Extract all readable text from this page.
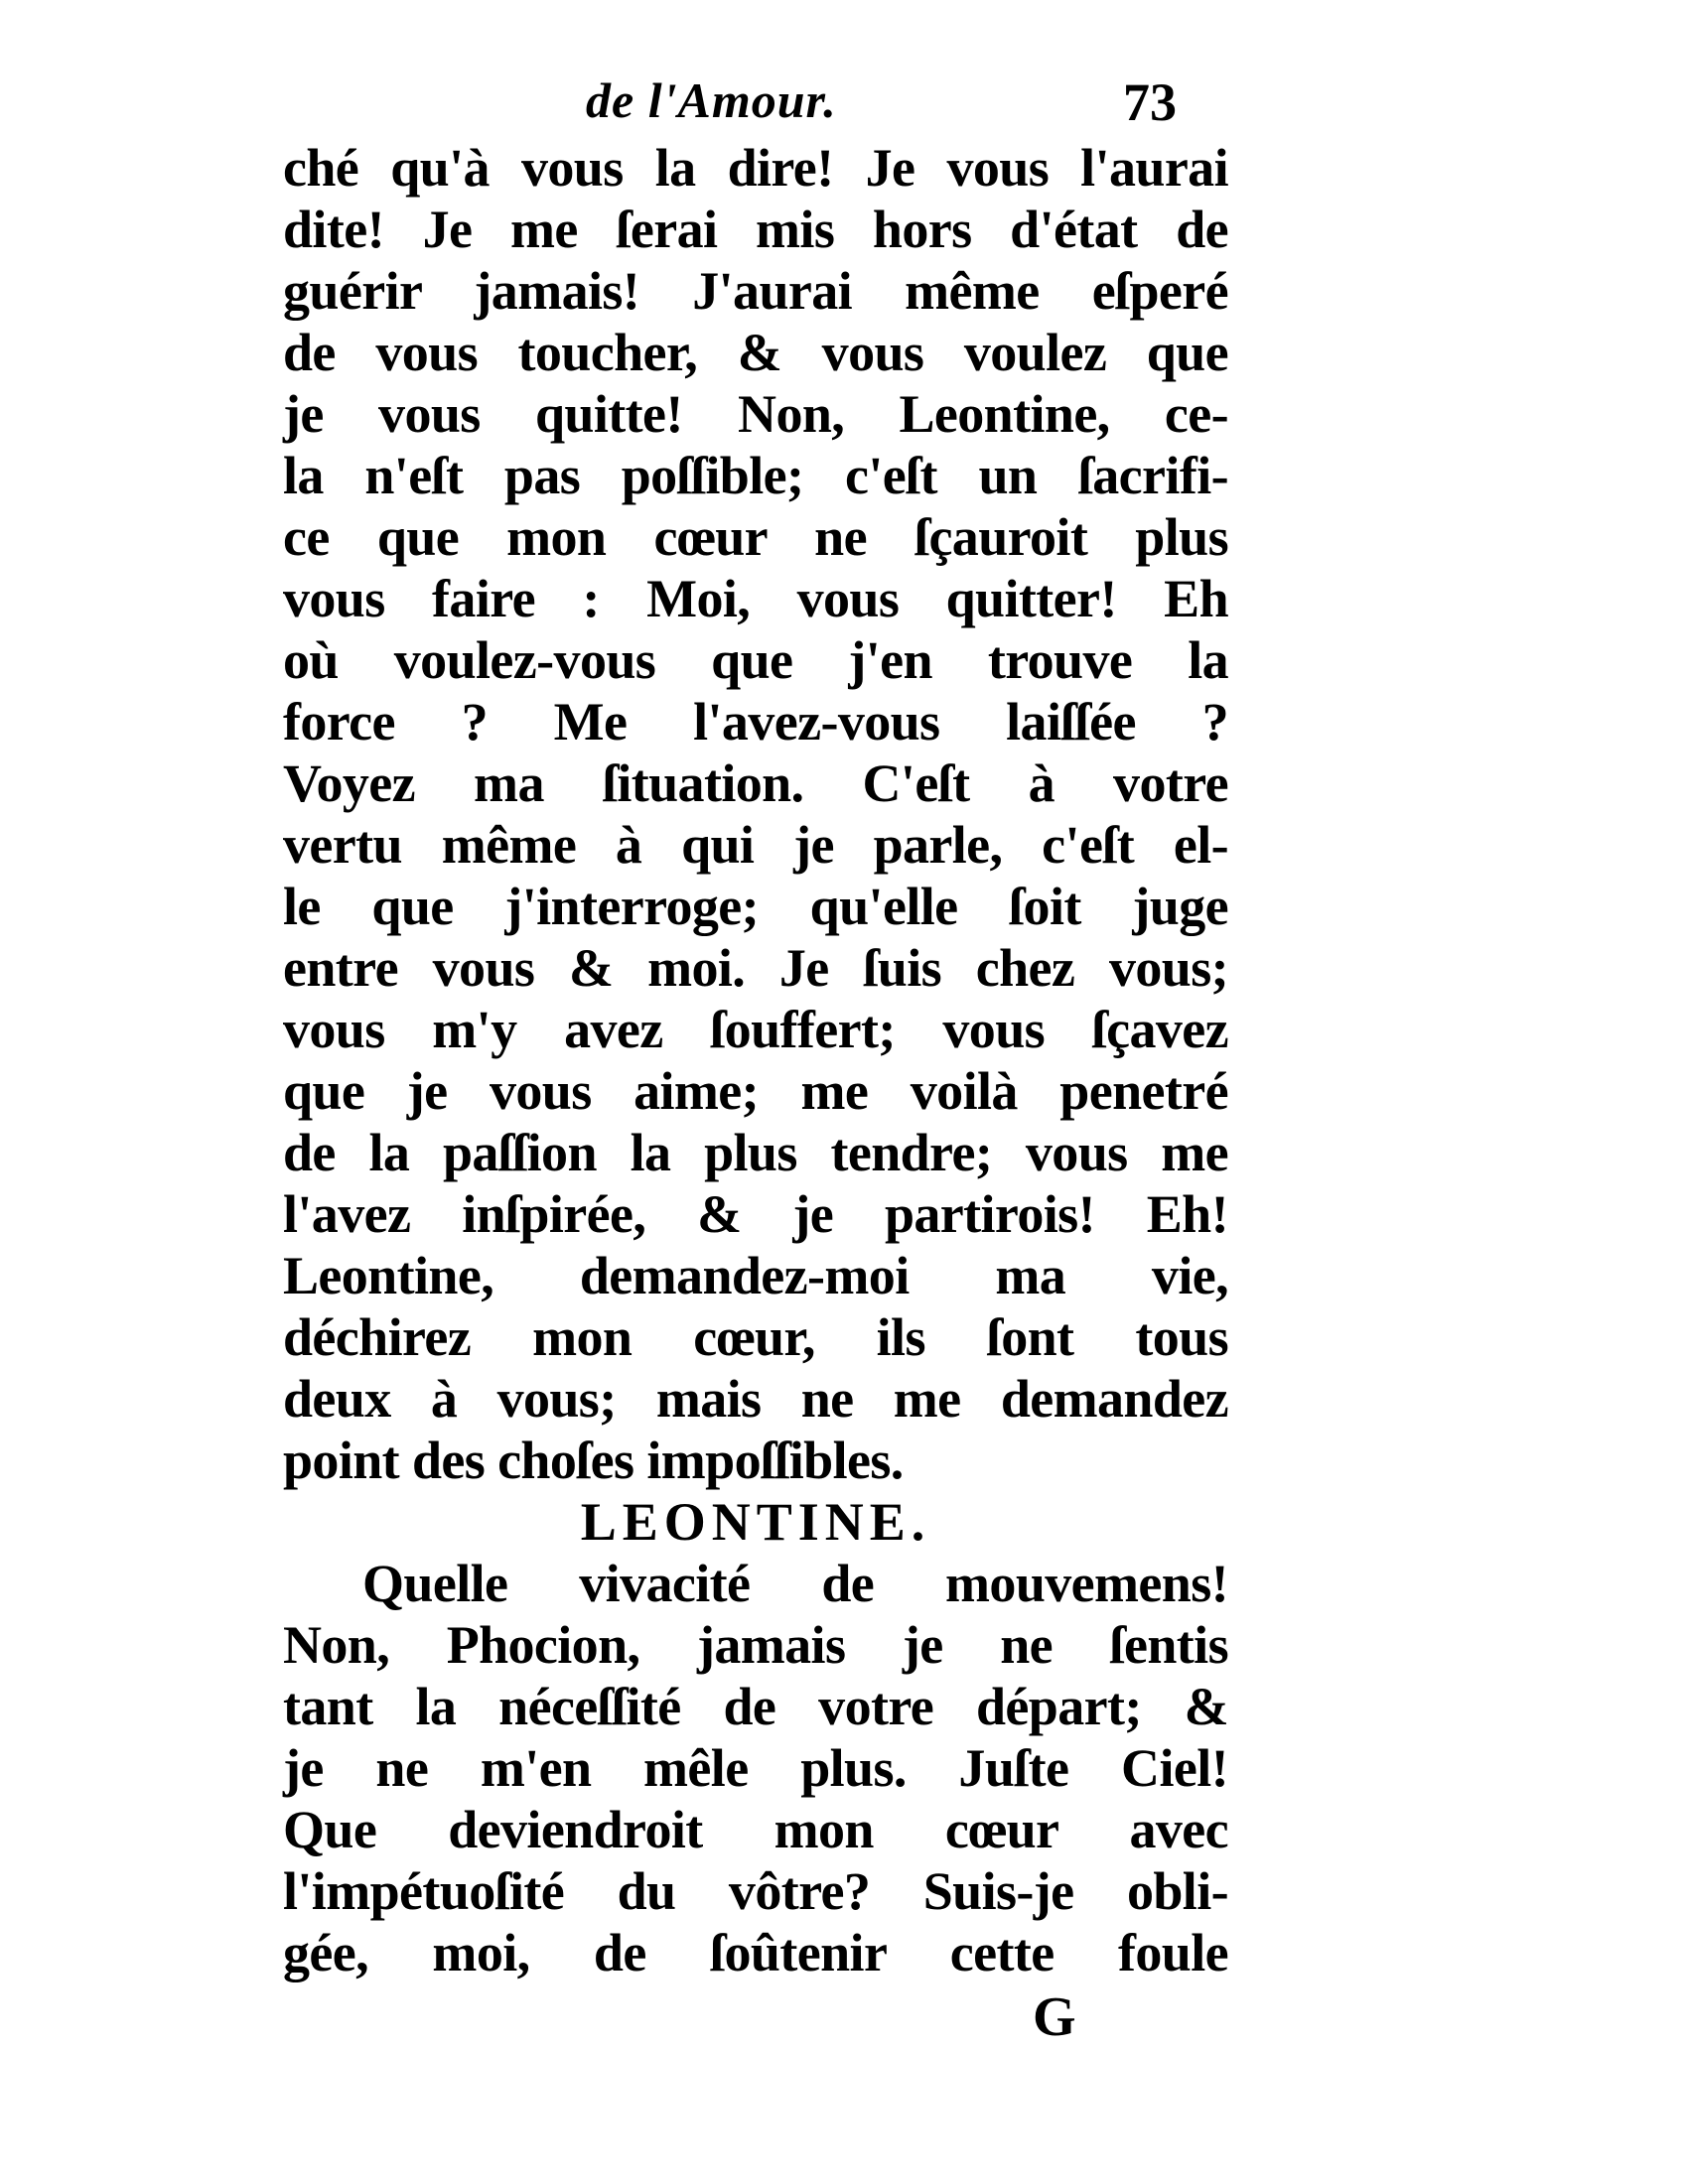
de l'Amour.	73
ché qu'à vous la dire! Je vous l'aurai
dite! Je me ſerai mis hors d'état de
guérir jamais! J'aurai même eſperé
de vous toucher, & vous voulez que
je vous quitte! Non, Leontine, ce-
la n'eſt pas poſſible; c'eſt un ſacrifi-
ce que mon cœur ne ſçauroit plus
vous faire : Moi, vous quitter! Eh
où voulez-vous que j'en trouve la
force ? Me l'avez-vous laiſſée ?
Voyez ma ſituation. C'eſt à votre
vertu même à qui je parle, c'eſt el-
le que j'interroge; qu'elle ſoit juge
entre vous & moi. Je ſuis chez vous;
vous m'y avez ſouffert; vous ſçavez
que je vous aime; me voilà penetré
de la paſſion la plus tendre; vous me
l'avez inſpirée, & je partirois! Eh!
Leontine, demandez-moi ma vie,
déchirez mon cœur, ils ſont tous
deux à vous; mais ne me demandez
point des choſes impoſſibles.
LEONTINE.
Quelle vivacité de mouvemens!
Non, Phocion, jamais je ne ſentis
tant la néceſſité de votre départ; &
je ne m'en mêle plus. Juſte Ciel!
Que deviendroit mon cœur avec
l'impétuoſité du vôtre? Suis-je obli-
gée, moi, de ſoûtenir cette foule
G
